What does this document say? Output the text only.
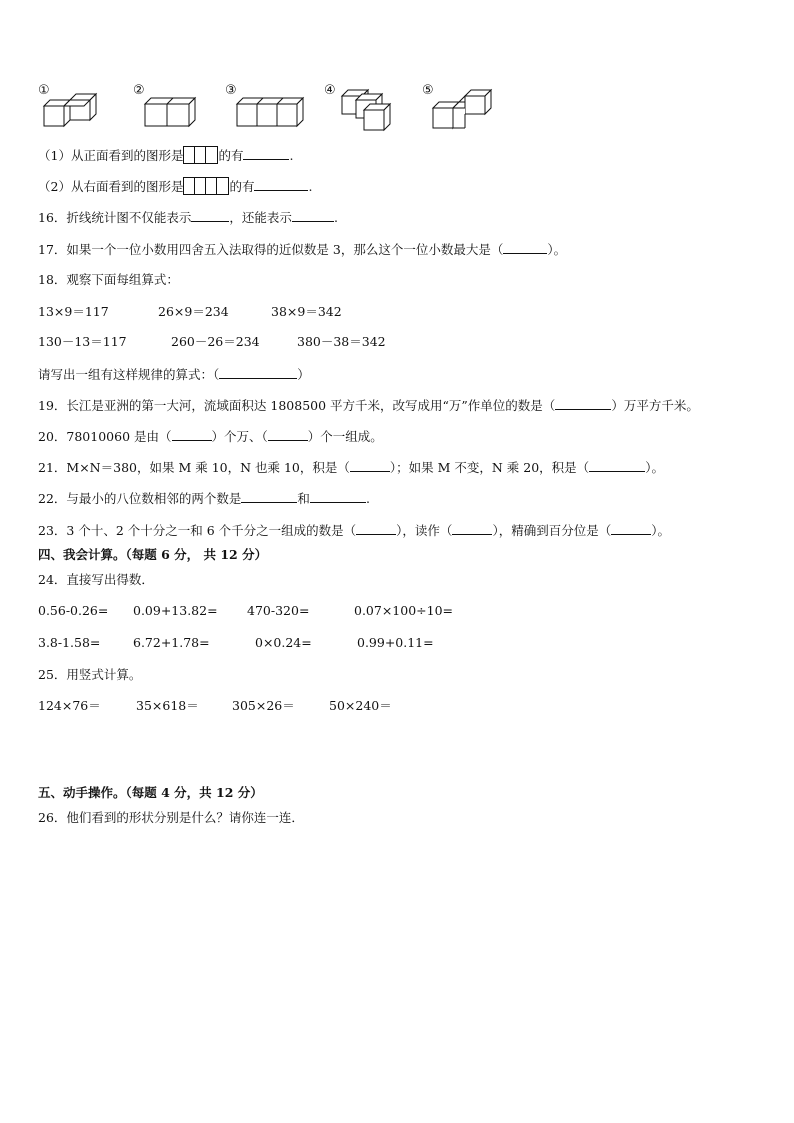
①	②	③	④	⑤
（1）从正面看到的图形是	的有	.
（2）从右面看到的图形是	的有	.
16．折线统计图不仅能表示	，还能表示	.
17．如果一个一位小数用四舍五入法取得的近似数是 3，那么这个一位小数最大是（	）。
18．观察下面每组算式：
13×9＝117	26×9＝234	38×9＝342
130－13＝117	260－26＝234	380－38＝342
请写出一组有这样规律的算式：（	）
19．长江是亚洲的第一大河，流域面积达 1808500 平方千米，改写成用“万”作单位的数是（	）万平方千米。
20．78010060 是由（	）个万、（	）个一组成。
21．M×N＝380，如果 M 乘 10，N 也乘 10，积是（	）；如果 M 不变，N 乘 20，积是（	）。
22．与最小的八位数相邻的两个数是	和	.
23．3 个十、2 个十分之一和 6 个千分之一组成的数是（	），读作（	），精确到百分位是（	）。
四、我会计算。（每题 6 分， 共 12 分）
24．直接写出得数．
0.56-0.26= 0.09+13.82= 470-320=	0.07×100÷10=
3.8-1.58=	6.72+1.78=	0×0.24=	0.99+0.11=
25．用竖式计算。
124×76＝	35×618＝	305×26＝	50×240＝
五、动手操作。（每题 4 分，共 12 分）
26．他们看到的形状分别是什么？请你连一连．
